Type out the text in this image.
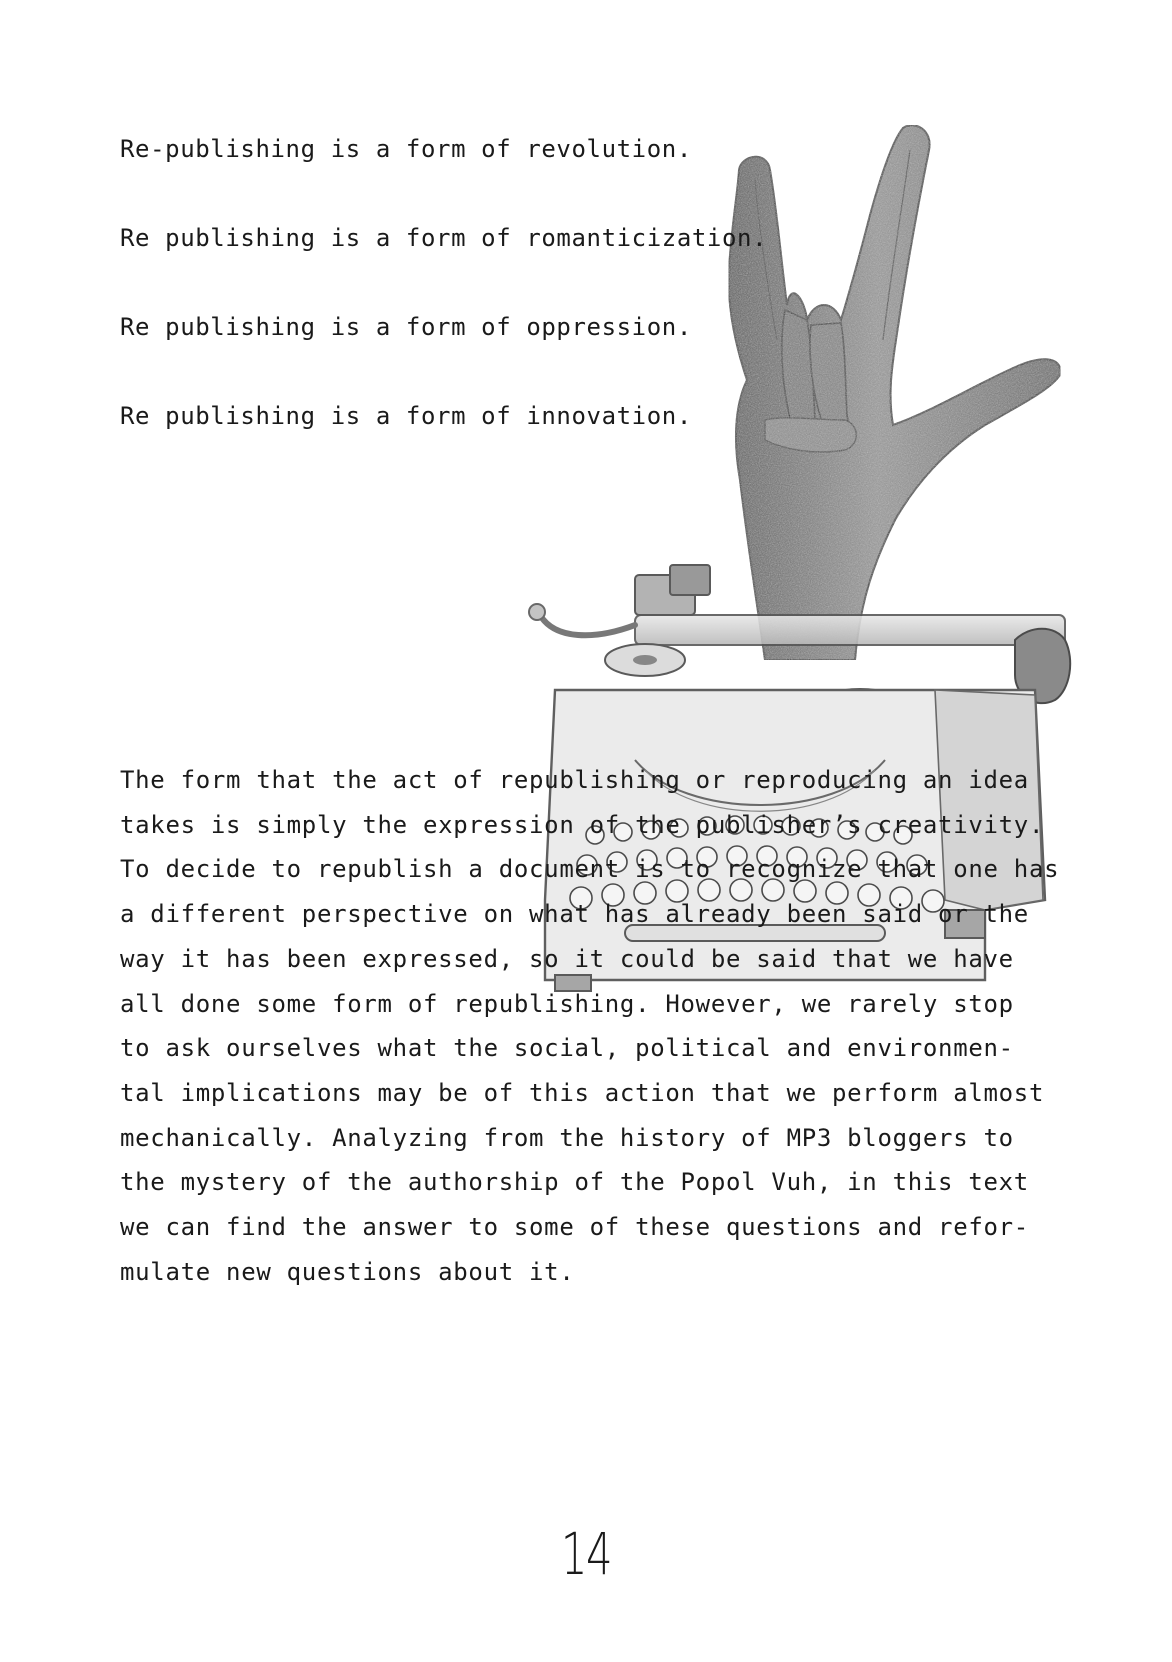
Re-publishing is a form of revolution.

Re publishing is a form of romanticization.

Re publishing is a form of oppression.

Re publishing is a form of innovation.

The form that the act of republishing or reproducing an idea
takes is simply the expression of the publisher’s creativity.
To decide to republish a document is to recognize that one has
a different perspective on what has already been said or the
way it has been expressed, so it could be said that we have
all done some form of republishing. However, we rarely stop
to ask ourselves what the social, political and environmen-
tal implications may be of this action that we perform almost
mechanically. Analyzing from the history of MP3 bloggers to
the mystery of the authorship of the Popol Vuh, in this text
we can find the answer to some of these questions and refor-
mulate new questions about it.
14
